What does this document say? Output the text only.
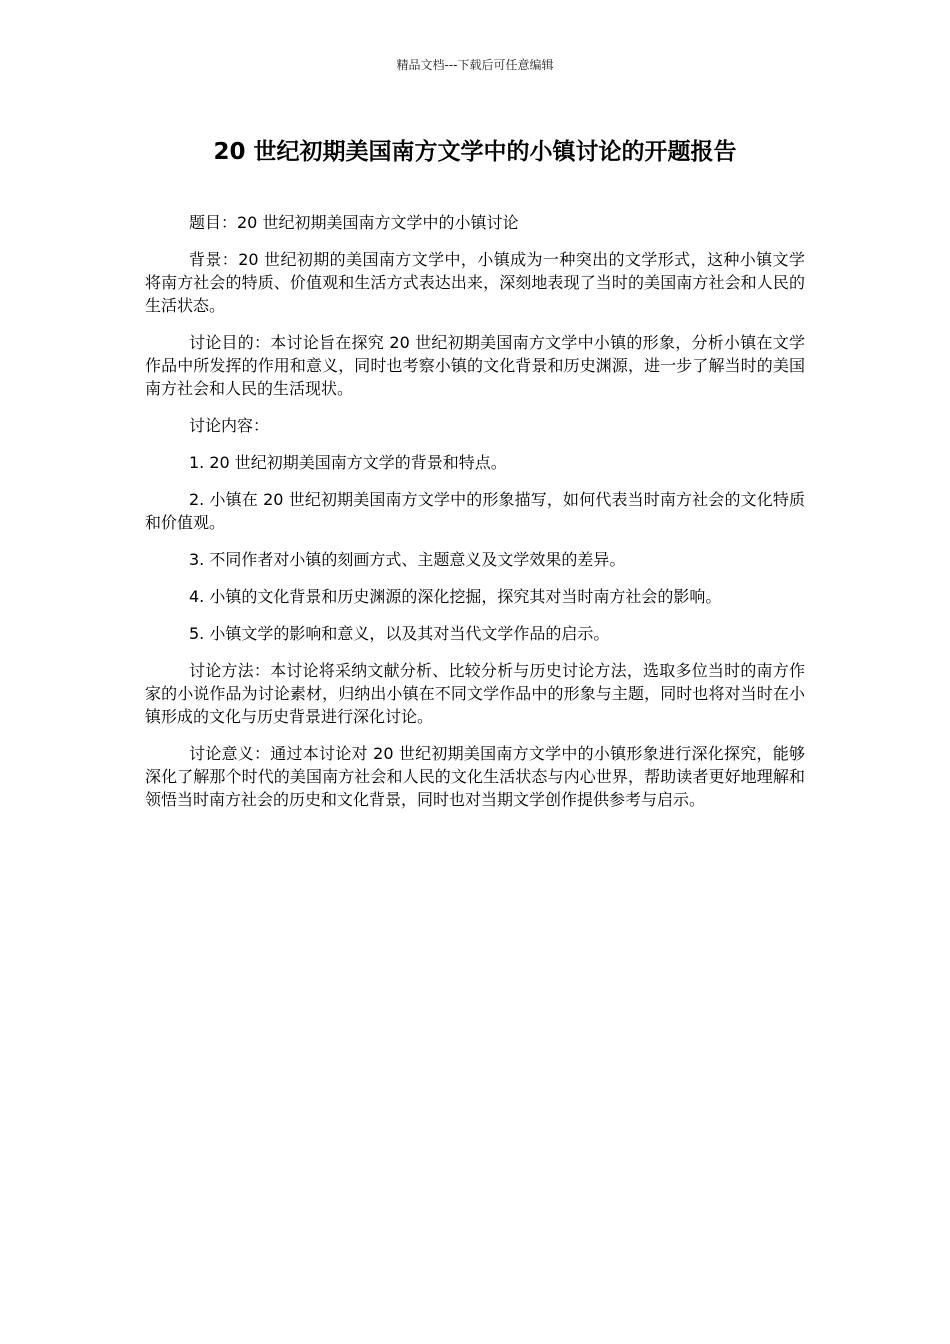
精品文档---下载后可任意编辑
20 世纪初期美国南方文学中的小镇讨论的开题报告

题目：20 世纪初期美国南方文学中的小镇讨论

背景：20 世纪初期的美国南方文学中，小镇成为一种突出的文学形式，这种小镇文学将南方社会的特质、价值观和生活方式表达出来，深刻地表现了当时的美国南方社会和人民的生活状态。

讨论目的：本讨论旨在探究 20 世纪初期美国南方文学中小镇的形象，分析小镇在文学作品中所发挥的作用和意义，同时也考察小镇的文化背景和历史渊源，进一步了解当时的美国南方社会和人民的生活现状。

讨论内容：

1. 20 世纪初期美国南方文学的背景和特点。

2. 小镇在 20 世纪初期美国南方文学中的形象描写，如何代表当时南方社会的文化特质和价值观。

3. 不同作者对小镇的刻画方式、主题意义及文学效果的差异。

4. 小镇的文化背景和历史渊源的深化挖掘，探究其对当时南方社会的影响。

5. 小镇文学的影响和意义，以及其对当代文学作品的启示。

讨论方法：本讨论将采纳文献分析、比较分析与历史讨论方法，选取多位当时的南方作家的小说作品为讨论素材，归纳出小镇在不同文学作品中的形象与主题，同时也将对当时在小镇形成的文化与历史背景进行深化讨论。

讨论意义：通过本讨论对 20 世纪初期美国南方文学中的小镇形象进行深化探究，能够深化了解那个时代的美国南方社会和人民的文化生活状态与内心世界，帮助读者更好地理解和领悟当时南方社会的历史和文化背景，同时也对当期文学创作提供参考与启示。
